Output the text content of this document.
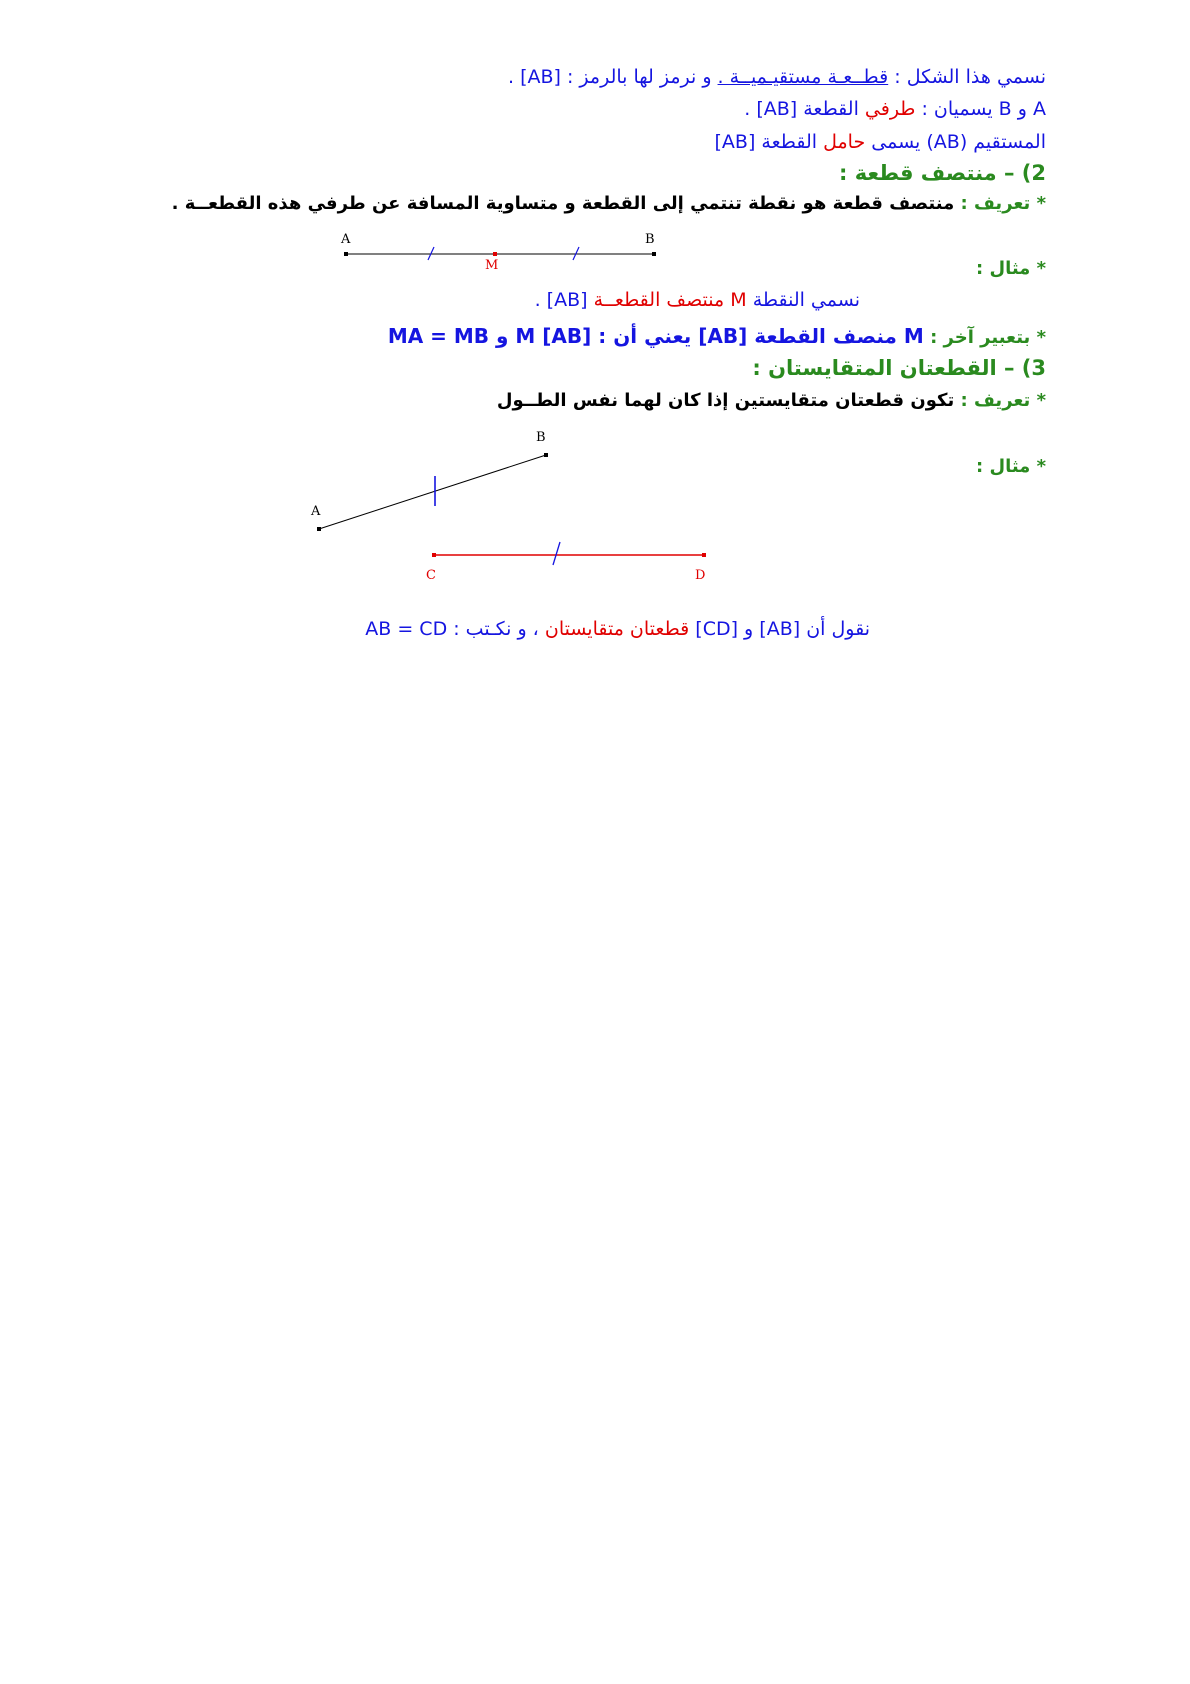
نسمي هذا الشكل : قطــعـة مستقيـميــة . و نرمز لها بالرمز : [AB] .
A و B يسميان : طرفي القطعة [AB] .
المستقيم (AB) يسمى حامل القطعة [AB]
2) – منتصف قطعة :
* تعريف : منتصف قطعة هو نقطة تنتمي إلى القطعة و متساوية المسافة عن طرفي هذه القطعــة .
* مثال :
A	B
M
A
B
C	D
نسمي النقطة M منتصف القطعــة [AB] .
* بتعبير آخر : M منصف القطعة [AB] يعني أن : M [AB] و MA = MB
3) – القطعتان المتقايستان :
* تعريف : تكون قطعتان متقايستين إذا كان لهما نفس الطــول
* مثال :
نقول أن [AB] و [CD] قطعتان متقايستان ، و نكـتب : AB = CD
